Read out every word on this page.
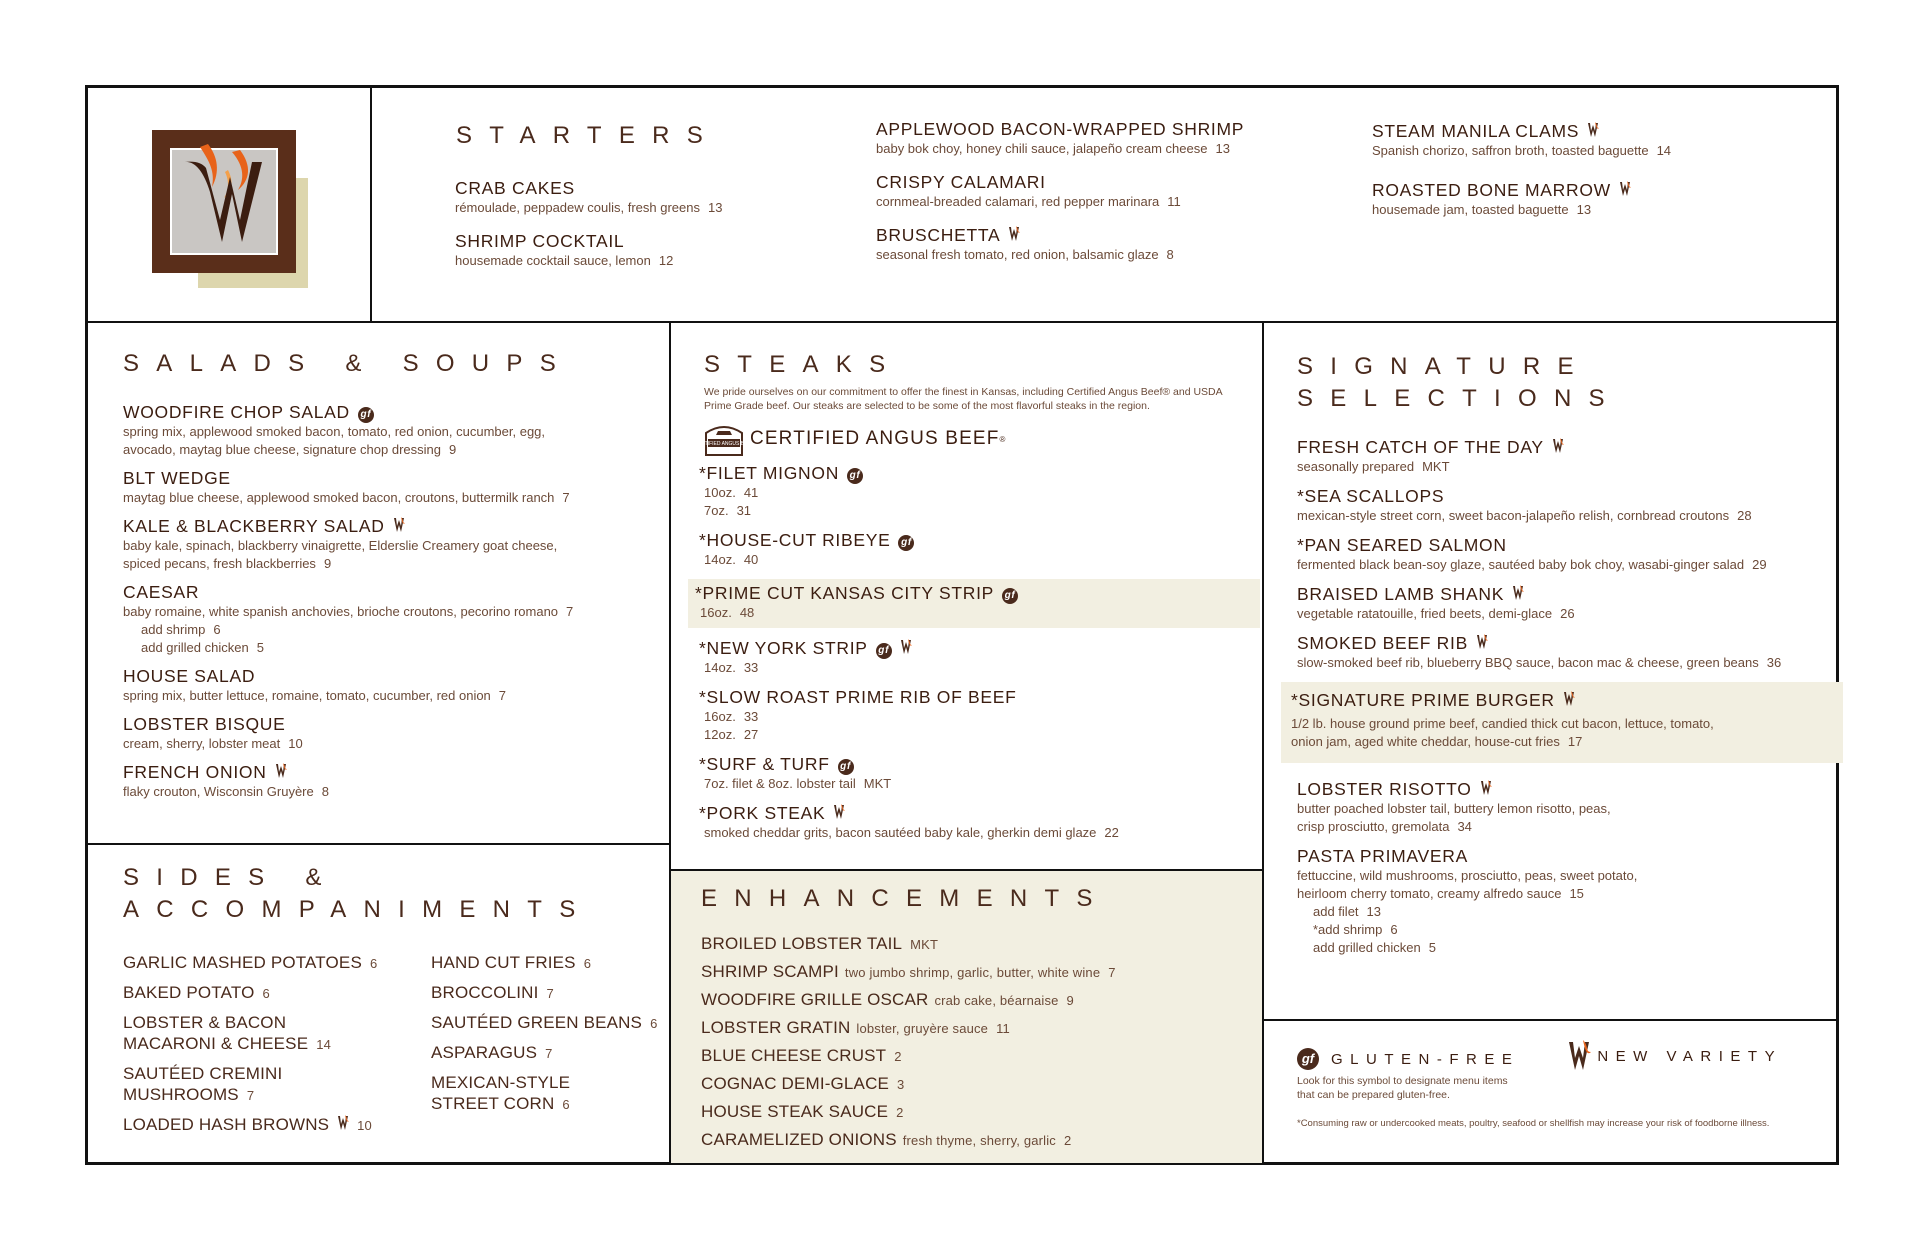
STARTERS
CRAB CAKES
rémoulade, peppadew coulis, fresh greens 13
SHRIMP COCKTAIL
housemade cocktail sauce, lemon 12
APPLEWOOD BACON-WRAPPED SHRIMP
baby bok choy, honey chili sauce, jalapeño cream cheese 13
CRISPY CALAMARI
cornmeal-breaded calamari, red pepper marinara 11
BRUSCHETTA
seasonal fresh tomato, red onion, balsamic glaze 8
STEAM MANILA CLAMS
Spanish chorizo, saffron broth, toasted baguette 14
ROASTED BONE MARROW
housemade jam, toasted baguette 13
SALADS & SOUPS
WOODFIRE CHOP SALAD gf
spring mix, applewood smoked bacon, tomato, red onion, cucumber, egg,
avocado, maytag blue cheese, signature chop dressing 9
BLT WEDGE
maytag blue cheese, applewood smoked bacon, croutons, buttermilk ranch 7
KALE & BLACKBERRY SALAD
baby kale, spinach, blackberry vinaigrette, Elderslie Creamery goat cheese,
spiced pecans, fresh blackberries 9
CAESAR
baby romaine, white spanish anchovies, brioche croutons, pecorino romano 7
add shrimp 6
add grilled chicken 5
HOUSE SALAD
spring mix, butter lettuce, romaine, tomato, cucumber, red onion 7
LOBSTER BISQUE
cream, sherry, lobster meat 10
FRENCH ONION
flaky crouton, Wisconsin Gruyère 8
STEAKS
We pride ourselves on our commitment to offer the finest in Kansas, including Certified Angus Beef® and USDA Prime Grade beef. Our steaks are selected to be some of the most flavorful steaks in the region.
CERTIFIED ANGUS BEEF
CERTIFIED ANGUS BEEF ®
*FILET MIGNON gf
10oz. 41
7oz. 31
*HOUSE-CUT RIBEYE gf
14oz. 40
*PRIME CUT KANSAS CITY STRIP gf
16oz. 48
*NEW YORK STRIP gf
14oz. 33
*SLOW ROAST PRIME RIB OF BEEF
16oz. 33
12oz. 27
*SURF & TURF gf
7oz. filet & 8oz. lobster tail MKT
*PORK STEAK
smoked cheddar grits, bacon sautéed baby kale, gherkin demi glaze 22
SIGNATURE
SELECTIONS
FRESH CATCH OF THE DAY
seasonally prepared MKT
*SEA SCALLOPS
mexican-style street corn, sweet bacon-jalapeño relish, cornbread croutons 28
*PAN SEARED SALMON
fermented black bean-soy glaze, sautéed baby bok choy, wasabi-ginger salad 29
BRAISED LAMB SHANK
vegetable ratatouille, fried beets, demi-glace 26
SMOKED BEEF RIB
slow-smoked beef rib, blueberry BBQ sauce, bacon mac & cheese, green beans 36
*SIGNATURE PRIME BURGER
1/2 lb. house ground prime beef, candied thick cut bacon, lettuce, tomato,
onion jam, aged white cheddar, house-cut fries 17
LOBSTER RISOTTO
butter poached lobster tail, buttery lemon risotto, peas,
crisp prosciutto, gremolata 34
PASTA PRIMAVERA
fettuccine, wild mushrooms, prosciutto, peas, sweet potato,
heirloom cherry tomato, creamy alfredo sauce 15
add filet 13
*add shrimp 6
add grilled chicken 5
SIDES &
ACCOMPANIMENTS
GARLIC MASHED POTATOES 6
BAKED POTATO 6
LOBSTER & BACON
MACARONI & CHEESE 14
SAUTÉED CREMINI
MUSHROOMS 7
LOADED HASH BROWNS 10
HAND CUT FRIES 6
BROCCOLINI 7
SAUTÉED GREEN BEANS 6
ASPARAGUS 7
MEXICAN-STYLE
STREET CORN 6
ENHANCEMENTS
BROILED LOBSTER TAIL MKT
SHRIMP SCAMPI two jumbo shrimp, garlic, butter, white wine 7
WOODFIRE GRILLE OSCAR crab cake, béarnaise 9
LOBSTER GRATIN lobster, gruyère sauce 11
BLUE CHEESE CRUST 2
COGNAC DEMI-GLACE 3
HOUSE STEAK SAUCE 2
CARAMELIZED ONIONS fresh thyme, sherry, garlic 2
gf	GLUTEN-FREE
Look for this symbol to designate menu items
that can be prepared gluten-free.
NEW VARIETY
*Consuming raw or undercooked meats, poultry, seafood or shellfish may increase your risk of foodborne illness.
